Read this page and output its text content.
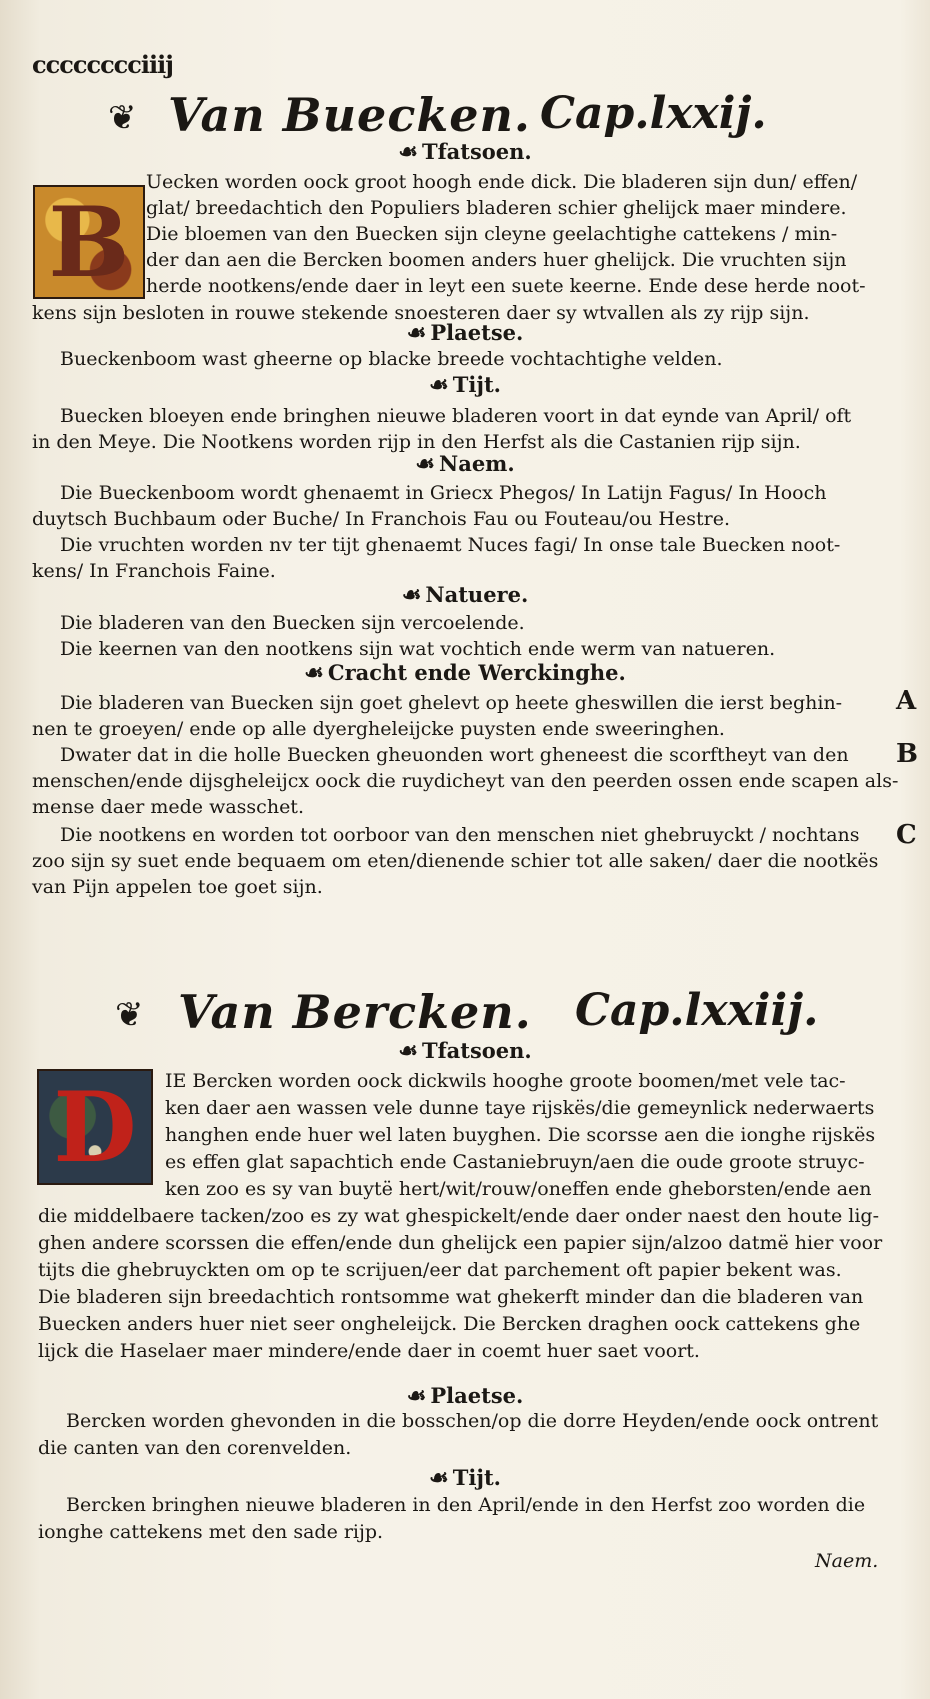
cccccccciiij
❦ Van Buecken. Cap.lxxij.
☙ Tfatsoen.
B
Uecken worden oock groot hoogh ende dick. Die bladeren sijn dun/ effen/
glat/ breedachtich den Populiers bladeren schier ghelijck maer mindere.
Die bloemen van den Buecken sijn cleyne geelachtighe cattekens / min-
der dan aen die Bercken boomen anders huer ghelijck. Die vruchten sijn
herde nootkens/ende daer in leyt een suete keerne. Ende dese herde noot-
kens sijn besloten in rouwe stekende snoesteren daer sy wtvallen als zy rijp sijn.
☙ Plaetse.
Bueckenboom wast gheerne op blacke breede vochtachtighe velden.
☙ Tijt.
Buecken bloeyen ende bringhen nieuwe bladeren voort in dat eynde van April/ oft
in den Meye. Die Nootkens worden rijp in den Herfst als die Castanien rijp sijn.
☙ Naem.
Die Bueckenboom wordt ghenaemt in Griecx Phegos/ In Latijn Fagus/ In Hooch
duytsch Buchbaum oder Buche/ In Franchois Fau ou Fouteau/ou Hestre.
Die vruchten worden nv ter tijt ghenaemt Nuces fagi/ In onse tale Buecken noot-
kens/ In Franchois Faine.
☙ Natuere.
Die bladeren van den Buecken sijn vercoelende.
Die keernen van den nootkens sijn wat vochtich ende werm van natueren.
☙ Cracht ende Werckinghe.
Die bladeren van Buecken sijn goet ghelevt op heete gheswillen die ierst beghin-
nen te groeyen/ ende op alle dyergheleijcke puysten ende sweeringhen.
Dwater dat in die holle Buecken gheuonden wort gheneest die scorftheyt van den
menschen/ende dijsgheleijcx oock die ruydicheyt van den peerden ossen ende scapen als-
mense daer mede wasschet.
Die nootkens en worden tot oorboor van den menschen niet ghebruyckt / nochtans
zoo sijn sy suet ende bequaem om eten/dienende schier tot alle saken/ daer die nootkës
van Pijn appelen toe goet sijn.
A
B
C
❦ Van Bercken. Cap.lxxiij.
☙ Tfatsoen.
D	IE Bercken worden oock dickwils hooghe groote boomen/met vele tac-
ken daer aen wassen vele dunne taye rijskës/die gemeynlick nederwaerts
hanghen ende huer wel laten buyghen. Die scorsse aen die ionghe rijskës
es effen glat sapachtich ende Castaniebruyn/aen die oude groote struyc-
ken zoo es sy van buytë hert/wit/rouw/oneffen ende gheborsten/ende aen
die middelbaere tacken/zoo es zy wat ghespickelt/ende daer onder naest den houte lig-
ghen andere scorssen die effen/ende dun ghelijck een papier sijn/alzoo datmë hier voor
tijts die ghebruyckten om op te scrijuen/eer dat parchement oft papier bekent was.
Die bladeren sijn breedachtich rontsomme wat ghekerft minder dan die bladeren van
Buecken anders huer niet seer ongheleijck. Die Bercken draghen oock cattekens ghe
lijck die Haselaer maer mindere/ende daer in coemt huer saet voort.
☙ Plaetse.
Bercken worden ghevonden in die bosschen/op die dorre Heyden/ende oock ontrent
die canten van den corenvelden.
☙ Tijt.
Bercken bringhen nieuwe bladeren in den April/ende in den Herfst zoo worden die
ionghe cattekens met den sade rijp.
Naem.
